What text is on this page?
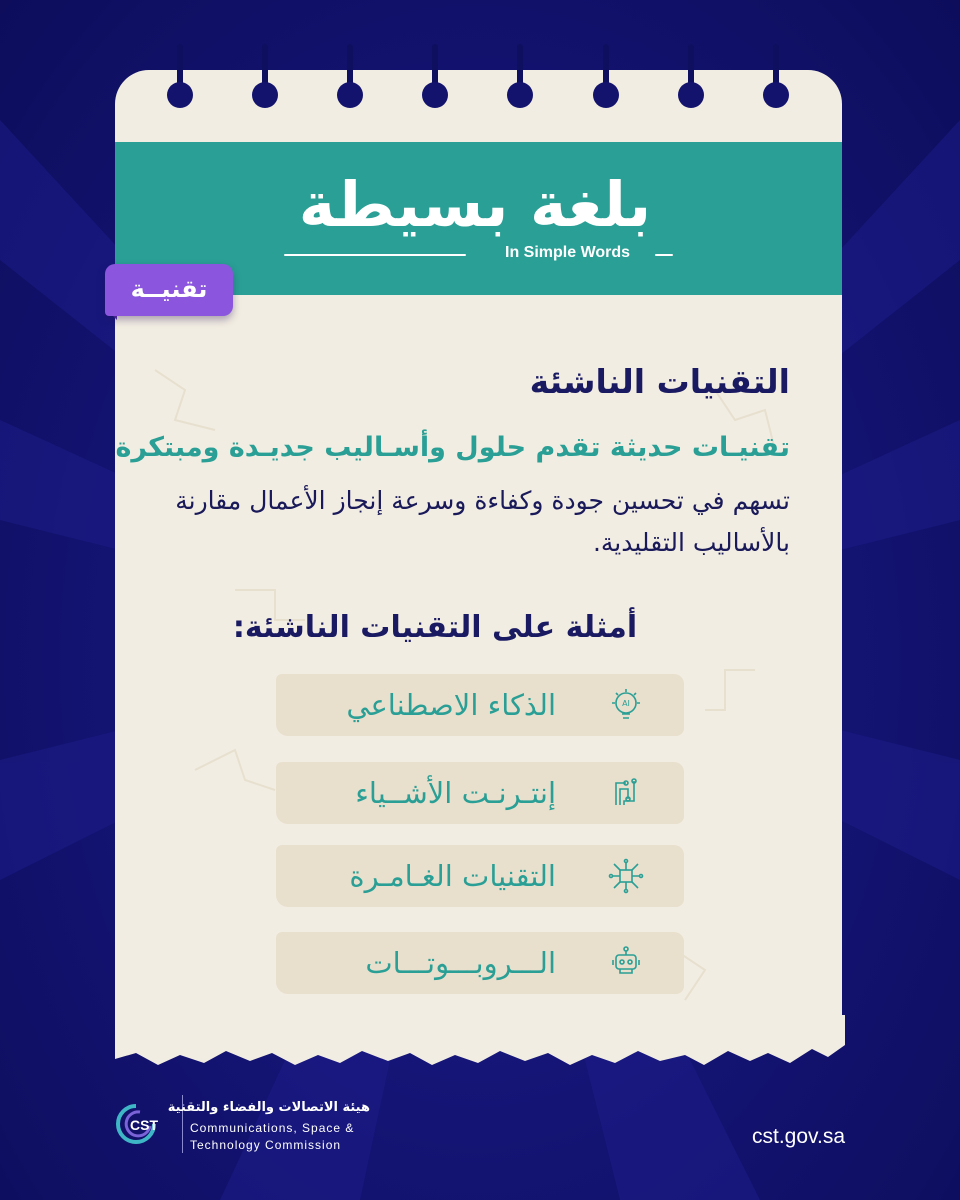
بلغة بسيطة
In Simple Words
تقنيــة
التقنيات الناشئة
تقنيـات حديثة تقدم حلول وأسـاليب جديـدة ومبتكرة
تسهم في تحسين جودة وكفاءة وسرعة إنجاز الأعمال مقارنة بالأساليب التقليدية.
أمثلة على التقنيات الناشئة:
الذكاء الاصطناعي	AI
إنتـرنـت الأشــياء
التقنيات الغـامـرة
الـــروبـــوتـــات
CST
هيئة الاتصالات والفضاء والتقنية
Communications, Space &
Technology Commission	cst.gov.sa
